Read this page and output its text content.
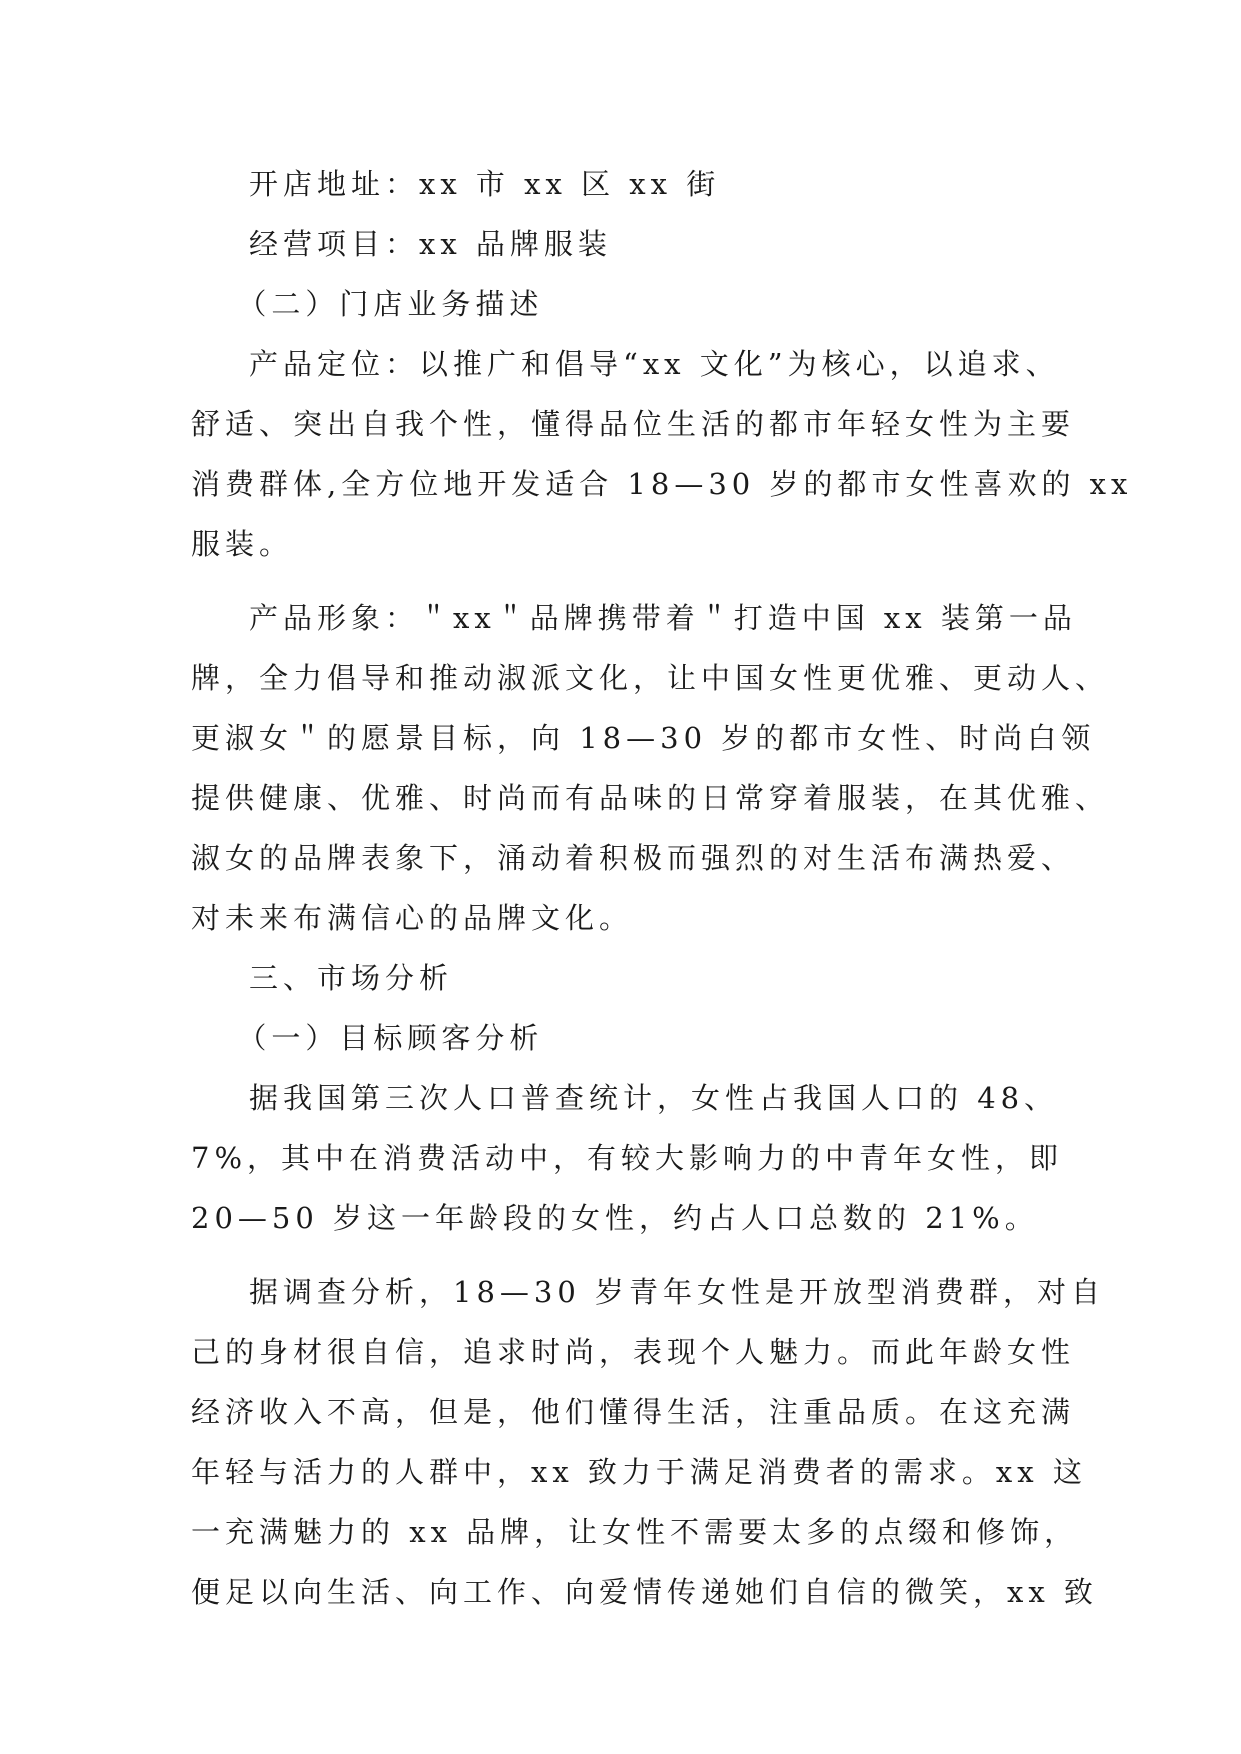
开店地址：xx 市 xx 区 xx 街

经营项目：xx 品牌服装

（二）门店业务描述

产品定位：以推广和倡导“xx 文化”为核心，以追求、
舒适、突出自我个性，懂得品位生活的都市年轻女性为主要
消费群体,全方位地开发适合 18—30 岁的都市女性喜欢的 xx
服装。

产品形象：＂xx＂品牌携带着＂打造中国 xx 装第一品
牌，全力倡导和推动淑派文化，让中国女性更优雅、更动人、
更淑女＂的愿景目标，向 18—30 岁的都市女性、时尚白领
提供健康、优雅、时尚而有品味的日常穿着服装，在其优雅、
淑女的品牌表象下，涌动着积极而强烈的对生活布满热爱、
对未来布满信心的品牌文化。

三、市场分析

（一）目标顾客分析

据我国第三次人口普查统计，女性占我国人口的 48、
7%，其中在消费活动中，有较大影响力的中青年女性，即
20—50 岁这一年龄段的女性，约占人口总数的 21%。

据调查分析，18—30 岁青年女性是开放型消费群，对自
己的身材很自信，追求时尚，表现个人魅力。而此年龄女性
经济收入不高，但是，他们懂得生活，注重品质。在这充满
年轻与活力的人群中，xx 致力于满足消费者的需求。xx 这
一充满魅力的 xx 品牌，让女性不需要太多的点缀和修饰，
便足以向生活、向工作、向爱情传递她们自信的微笑，xx 致
